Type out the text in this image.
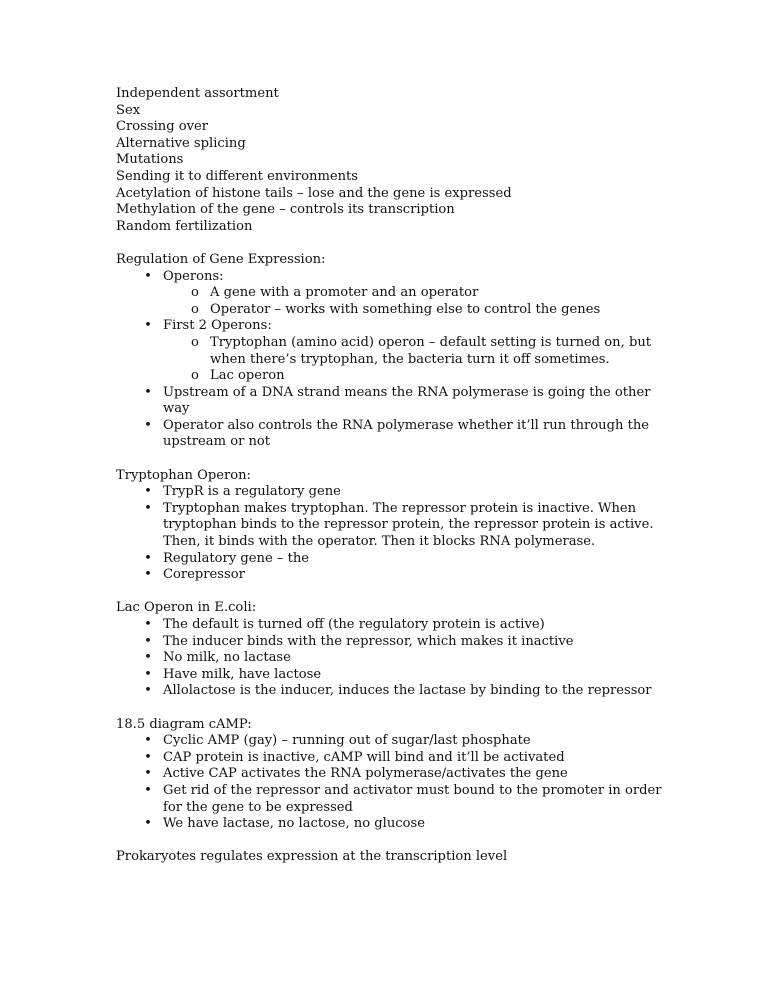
Independent assortment
Sex
Crossing over
Alternative splicing
Mutations
Sending it to different environments
Acetylation of histone tails – lose and the gene is expressed
Methylation of the gene – controls its transcription
Random fertilization
Regulation of Gene Expression:
• Operons:
o A gene with a promoter and an operator
o Operator – works with something else to control the genes
• First 2 Operons:
o Tryptophan (amino acid) operon – default setting is turned on, but when there’s tryptophan, the bacteria turn it off sometimes.
o Lac operon
• Upstream of a DNA strand means the RNA polymerase is going the other way
• Operator also controls the RNA polymerase whether it’ll run through the upstream or not
Tryptophan Operon:
• TrypR is a regulatory gene
• Tryptophan makes tryptophan. The repressor protein is inactive. When tryptophan binds to the repressor protein, the repressor protein is active. Then, it binds with the operator. Then it blocks RNA polymerase.
• Regulatory gene – the
• Corepressor
Lac Operon in E.coli:
• The default is turned off (the regulatory protein is active)
• The inducer binds with the repressor, which makes it inactive
• No milk, no lactase
• Have milk, have lactose
• Allolactose is the inducer, induces the lactase by binding to the repressor
18.5 diagram cAMP:
• Cyclic AMP (gay) – running out of sugar/last phosphate
• CAP protein is inactive, cAMP will bind and it’ll be activated
• Active CAP activates the RNA polymerase/activates the gene
• Get rid of the repressor and activator must bound to the promoter in order for the gene to be expressed
• We have lactase, no lactose, no glucose
Prokaryotes regulates expression at the transcription level
